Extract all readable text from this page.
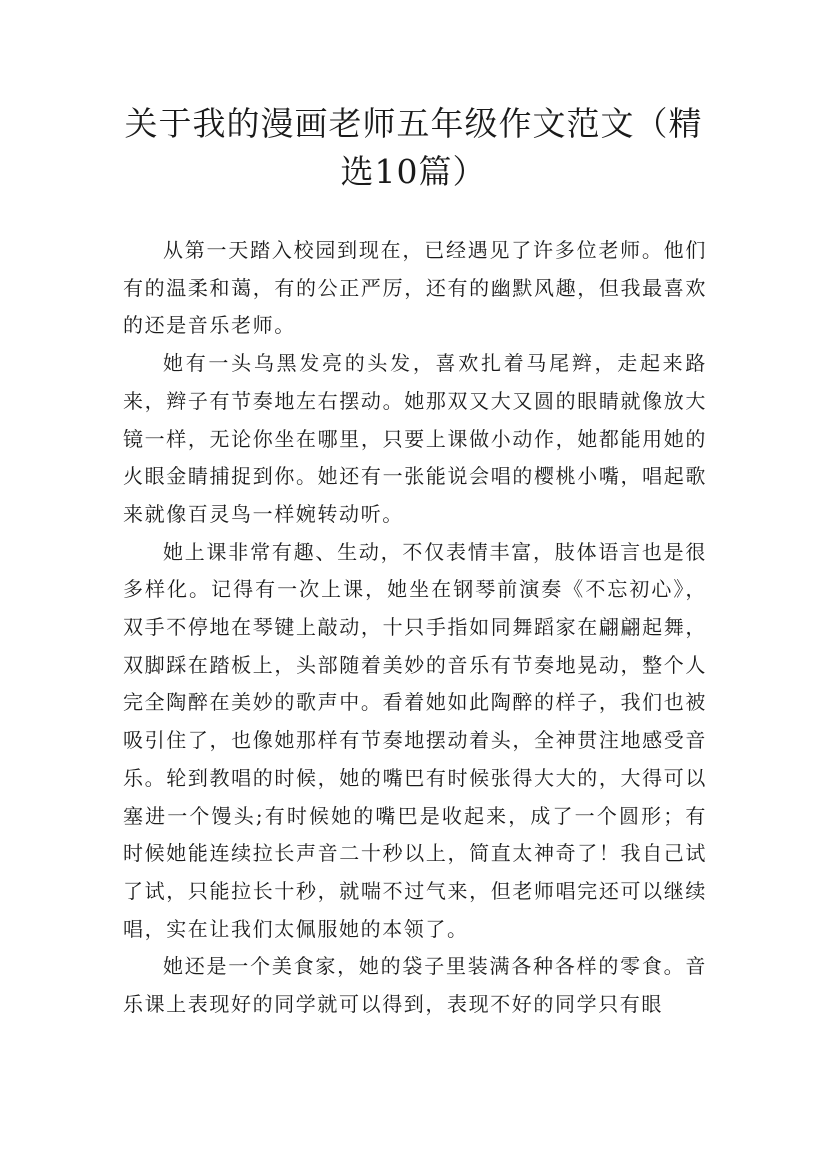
关于我的漫画老师五年级作文范文（精选10篇）

从第一天踏入校园到现在，已经遇见了许多位老师。他们有的温柔和蔼，有的公正严厉，还有的幽默风趣，但我最喜欢的还是音乐老师。

她有一头乌黑发亮的头发，喜欢扎着马尾辫，走起来路来，辫子有节奏地左右摆动。她那双又大又圆的眼睛就像放大镜一样，无论你坐在哪里，只要上课做小动作，她都能用她的火眼金睛捕捉到你。她还有一张能说会唱的樱桃小嘴，唱起歌来就像百灵鸟一样婉转动听。

她上课非常有趣、生动，不仅表情丰富，肢体语言也是很多样化。记得有一次上课，她坐在钢琴前演奏《不忘初心》，双手不停地在琴键上敲动，十只手指如同舞蹈家在翩翩起舞，双脚踩在踏板上，头部随着美妙的音乐有节奏地晃动，整个人完全陶醉在美妙的歌声中。看着她如此陶醉的样子，我们也被吸引住了，也像她那样有节奏地摆动着头，全神贯注地感受音乐。轮到教唱的时候，她的嘴巴有时候张得大大的，大得可以塞进一个馒头;有时候她的嘴巴是收起来，成了一个圆形；有时候她能连续拉长声音二十秒以上，简直太神奇了！我自己试了试，只能拉长十秒，就喘不过气来，但老师唱完还可以继续唱，实在让我们太佩服她的本领了。

她还是一个美食家，她的袋子里装满各种各样的零食。音乐课上表现好的同学就可以得到，表现不好的同学只有眼
